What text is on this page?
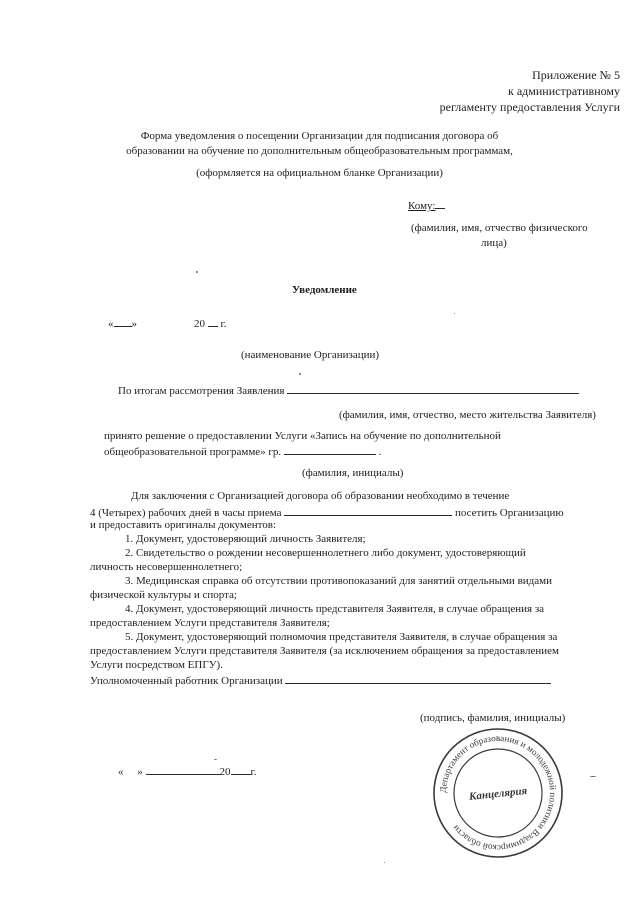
Приложение № 5
к административному
регламенту предоставления Услуги
Форма уведомления о посещении Организации для подписания договора об
образовании на обучение по дополнительным общеобразовательным программам,
(оформляется на официальном бланке Организации)
Кому:
(фамилия, имя, отчество физического
лица)
Уведомление
« »	20 г.
(наименование Организации)
По итогам рассмотрения Заявления
(фамилия, имя, отчество, место жительства Заявителя)
принято решение о предоставлении Услуги «Запись на обучение по дополнительной
общеобразовательной программе» гр.	.
(фамилия, инициалы)
Для заключения с Организацией договора об образовании необходимо в течение
4 (Четырех) рабочих дней в часы приема	посетить Организацию
и предоставить оригиналы документов:
1. Документ, удостоверяющий личность Заявителя;
2. Свидетельство о рождении несовершеннолетнего либо документ, удостоверяющий
личность несовершеннолетнего;
3. Медицинская справка об отсутствии противопоказаний для занятий отдельными видами
физической культуры и спорта;
4. Документ, удостоверяющий личность представителя Заявителя, в случае обращения за
предоставлением Услуги представителя Заявителя;
5. Документ, удостоверяющий полномочия представителя Заявителя, в случае обращения за
предоставлением Услуги представителя Заявителя (за исключением обращения за предоставлением
Услуги посредством ЕПГУ).
Уполномоченный работник Организации
(подпись, фамилия, инициалы)
« »	20 г.
Департамент образования и молодежной политики Владимирской области
Канцелярия
